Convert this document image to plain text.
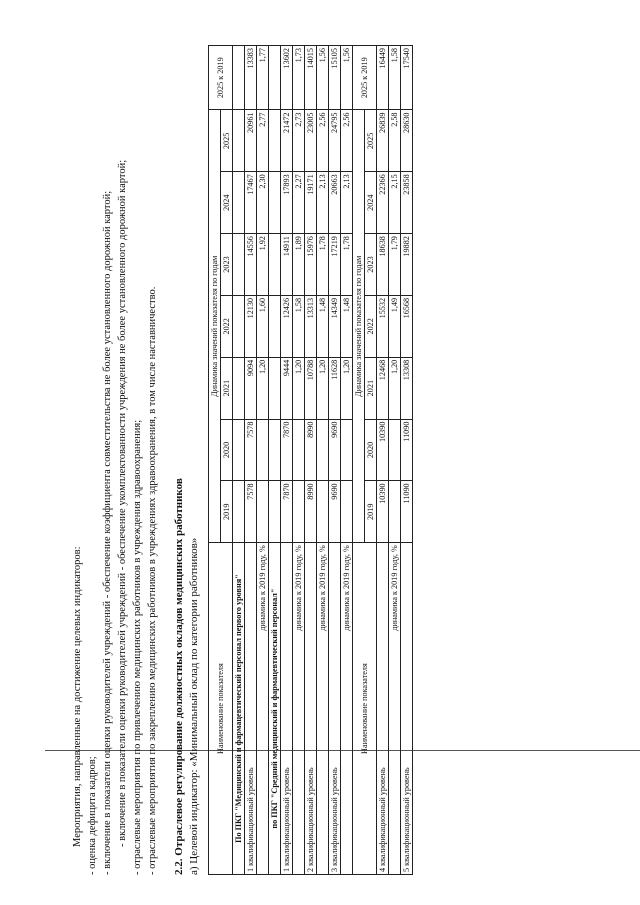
Мероприятия, направленные на достижение целевых индикаторов: - оценка дефицита кадров; - включение в показатели оценки руководителей учреждений - обеспечение коэффициента совместительства не более установленного дорожной картой; - включение в показатели оценки руководителей учреждений - обеспечение укомплектованности учреждения не более установленного дорожной картой; - отраслевые мероприятия по привлечению медицинских работников в учреждения здравоохранения; - отраслевые мероприятия по закреплению медицинских работников в учреждениях здравоохранения, в том числе наставничество. 2.2. Отраслевое регулирование должностных окладов медицинских работников а) Целевой индикатор: «Минимальный оклад по категории работников» Наименование показателя	Динамика значений показателя по годам							2025 к 2019
	2019	2020	2021	2022	2023	2024	2025	
По ПКГ "Медицинский и фармацевтический персонал первого уровня"								
1 квалификационный уровень	7578	7578	9094	12130	14556	17467	20961	13383
динамика к 2019 году, %			1,20	1,60	1,92	2,30	2,77	1,77
по ПКГ "Средний медицинский и фармацевтический персонал"								
1 квалификационный уровень	7870	7870	9444	12426	14911	17893	21472	13602
динамика к 2019 году, %			1,20	1,58	1,89	2,27	2,73	1,73
2 квалификационный уровень	8990	8990	10788	13313	15976	19171	23005	14015
динамика к 2019 году, %			1,20	1,48	1,78	2,13	2,56	1,56
3 квалификационный уровень	9690	9690	11628	14349	17219	20663	24795	15105
динамика к 2019 году, %			1,20	1,48	1,78	2,13	2,56	1,56
Наименование показателя	Динамика значений показателя по годам							2025 к 2019
	2019	2020	2021	2022	2023	2024	2025	
4 квалификационный уровень	10390	10390	12468	15532	18638	22366	26839	16449
динамика к 2019 году, %			1,20	1,49	1,79	2,15	2,58	1,58
5 квалификационный уровень	11090	11090	13308	16568	19882	23858	28630	17540
